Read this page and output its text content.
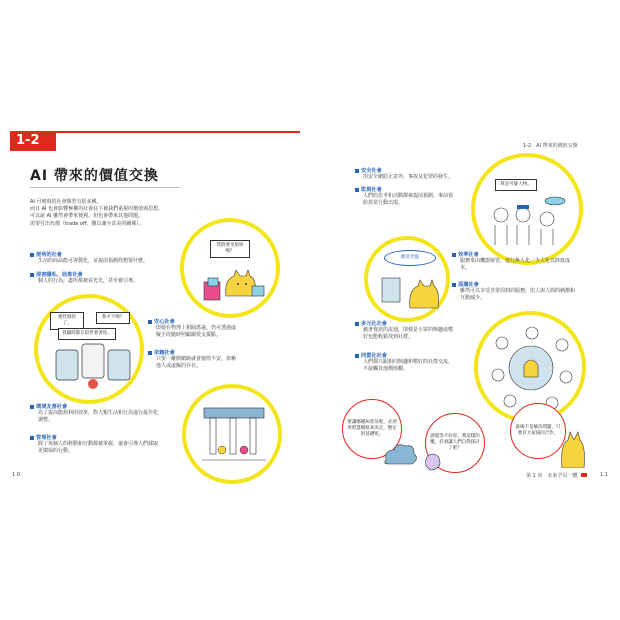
1-2
AI 帶來的價值交換
AI 可實現的社會類型有很多種。
而且 AI 也會影響極權的社會底下被我們重視的價值與思想。
可以說 AI 雖然會帶來便利，但也會帶來其他問題。
需要付出代價（trade off，難以兼全其美的關係）。
便利的社會
生活的商品能可客製化，並提前預測你想要什麼。
侵害隱私、助推社會
個人的行為，盡所都被看光光，甚至被引導。
我將要享很快嗎？
要控制你了。
我才不嗎？
我隨時都在陪伴著著你。
安心社會
即使在物理上相隔遙遠，仍可透過虛
擬手段隨時照顧關愛支援點。
依賴社會
只要一離開網路就會憶惶不安，依賴
他人或虛擬的存在。
環境友善社會
為了提高能源利用效率，對人類生活和行為進行最佳化
調整。
管理社會
除了每個人的移動和行動都被掌握，還會引導人們採取
更環保的行動。
1 0
1-2　AI 帶來的價值交換
安全社會
用安全網防止意外、事故及犯罪的發生。
監視社會
人們的思考和活動都被提前預測，事前預
防異常行動出現。
我是可疑人物。
歡迎光臨	效率社會
服務業由機器接管，進行無人化／少人化以降低成
本。
孤獨社會
雖然可以享受非常周到的服務，但人與人間的刺激和
互動減少。
多元化社會
藉著資訊的流通，即便是小眾的興趣或嗜
好也能輕鬆找到社群。
同質化社會
人們都只跟相同興趣和嗜好的社群交流，
不接觸其他價值觀。
要讓哪種AI普及呢，必須用智慧網絡來決定，整定的基礎呢。	感覺等不好你，我這樣的權，必須讓人們自我探討了吧？
最後不是解決問題，只要有大家協同合作。
第 1 章　未來予以一體	1 1
